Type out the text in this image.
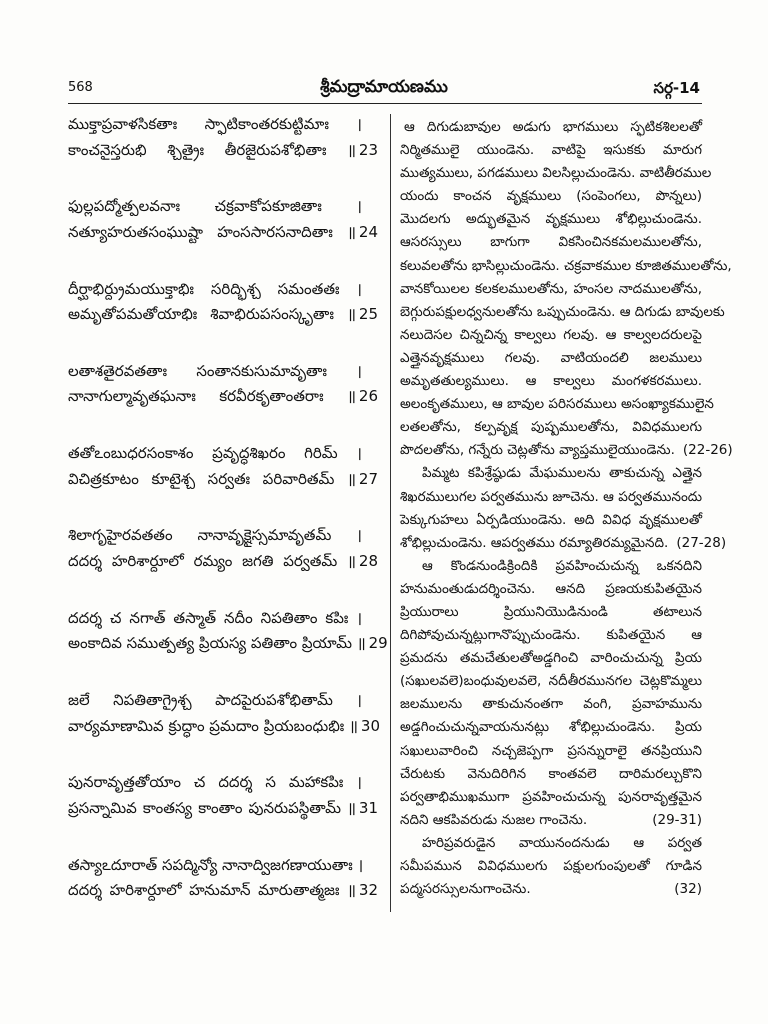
568	శ్రీమద్రామాయణము	సర్గ-14
ముక్తాప్రవాళసికతాః స్ఫాటికాంతరకుట్టిమాః ।
కాంచనైస్తరుభి శ్చిత్రైః తీరజైరుపశోభితాః ॥ 23
ఫుల్లపద్మోత్పలవనాః చక్రవాకోపకూజితాః ।
నత్యూహరుతసంఘుష్టా హంససారసనాదితాః ॥ 24
దీర్ఘాభిర్ద్రుమయుక్తాభిః సరిద్భిశ్చ సమంతతః ।
అమృతోపమతోయాభిః శివాభిరుపసంస్కృతాః ॥ 25
లతాశతైరవతతాః సంతానకుసుమావృతాః ।
నానాగుల్మావృతఘనాః కరవీరకృతాంతరాః ॥ 26
తతోఽంబుధరసంకాశం ప్రవృద్ధశిఖరం గిరిమ్ ।
విచిత్రకూటం కూటైశ్చ సర్వతః పరివారితమ్ ॥ 27
శిలాగృహైరవతతం నానావృక్షైస్సమావృతమ్ ।
దదర్శ హరిశార్దూలో రమ్యం జగతి పర్వతమ్ ॥ 28
దదర్శ చ నగాత్ తస్మాత్ నదీం నిపతితాం కపిః ।
అంకాదివ సముత్పత్య ప్రియస్య పతితాం ప్రియామ్ ॥ 29
జలే నిపతితాగ్రైశ్చ పాదపైరుపశోభితామ్ ।
వార్యమాణామివ క్రుద్ధాం ప్రమదాం ప్రియబంధుభిః ॥ 30
పునరావృత్తతోయాం చ దదర్శ స మహాకపిః ।
ప్రసన్నామివ కాంతస్య కాంతాం పునరుపస్థితామ్ ॥ 31
తస్యాఽదూరాత్ సపద్మిన్యో నానాద్విజగణాయుతాః ।
దదర్శ హరిశార్దూలో హనుమాన్ మారుతాత్మజః ॥ 32
ఆ దిగుడుబావుల అడుగు భాగములు స్ఫటికశిలలతో
నిర్మితములై యుండెను. వాటిపై ఇసుకకు మారుగ
ముత్యములు, పగడములు విలసిల్లుచుండెను. వాటితీరముల
యందు కాంచన వృక్షములు (సంపెంగలు, పొన్నలు)
మొదలగు అద్భుతమైన వృక్షములు శోభిల్లుచుండెను.
ఆసరస్సులు బాగుగా వికసించినకమలములతోను,
కలువలతోను భాసిల్లుచుండెను. చక్రవాకముల కూజితములతోను,
వానకోయిలల కలకలములతోను, హంసల నాదములతోను,
బెగ్గురుపక్షులధ్వనులతోను ఒప్పుచుండెను. ఆ దిగుడు బావులకు
నలుదెసల చిన్నచిన్న కాల్వలు గలవు. ఆ కాల్వలదరులపై
ఎత్తైనవృక్షములు గలవు. వాటియందలి జలములు
అమృతతుల్యములు. ఆ కాల్వలు మంగళకరములు.
అలంకృతములు, ఆ బావుల పరిసరములు అసంఖ్యాకములైన
లతలతోను, కల్పవృక్ష పుష్పములతోను, వివిధములగు
పొదలతోను, గన్నేరు చెట్లతోను వ్యాప్తములైయుండెను. (22-26)
పిమ్మట కపిశ్రేష్ఠుడు మేఘములను తాకుచున్న ఎత్తైన
శిఖరములుగల పర్వతమును జూచెను. ఆ పర్వతమునందు
పెక్కుగుహలు ఏర్పడియుండెను. అది వివిధ వృక్షములతో
శోభిల్లుచుండెను. ఆపర్వతము రమ్యాతిరమ్యమైనది. (27-28)
ఆ కొండనుండిక్రిందికి ప్రవహించుచున్న ఒకనదిని
హనుమంతుడుదర్శించెను. ఆనది ప్రణయకుపితయైన
ప్రియురాలు ప్రియునియొడినుండి తటాలున
దిగిపోవుచున్నట్లుగానొప్పుచుండెను. కుపితయైన ఆ
ప్రమదను తమచేతులతోఅడ్డగించి వారించుచున్న ప్రియ
(సఖులవలె)బంధువులవలె, నదీతీరమునగల చెట్లకొమ్మలు
జలములను తాకుచునంతగా వంగి, ప్రవాహమును
అడ్డగించుచున్నవాయనునట్లు శోభిల్లుచుండెను. ప్రియ
సఖులువారించి నచ్చజెప్పగా ప్రసన్నురాలై తనప్రియుని
చేరుటకు వెనుదిరిగిన కాంతవలె దారిమరల్చుకొని
పర్వతాభిముఖముగా ప్రవహించుచున్న పునరావృత్తమైన
నదిని ఆకపివరుడు నుజల గాంచెను.	(29-31)
హరిప్రవరుడైన వాయునందనుడు ఆ పర్వత
సమీపమున వివిధములగు పక్షులగుంపులతో గూడిన
పద్మసరస్సులనుగాంచెను.	(32)
